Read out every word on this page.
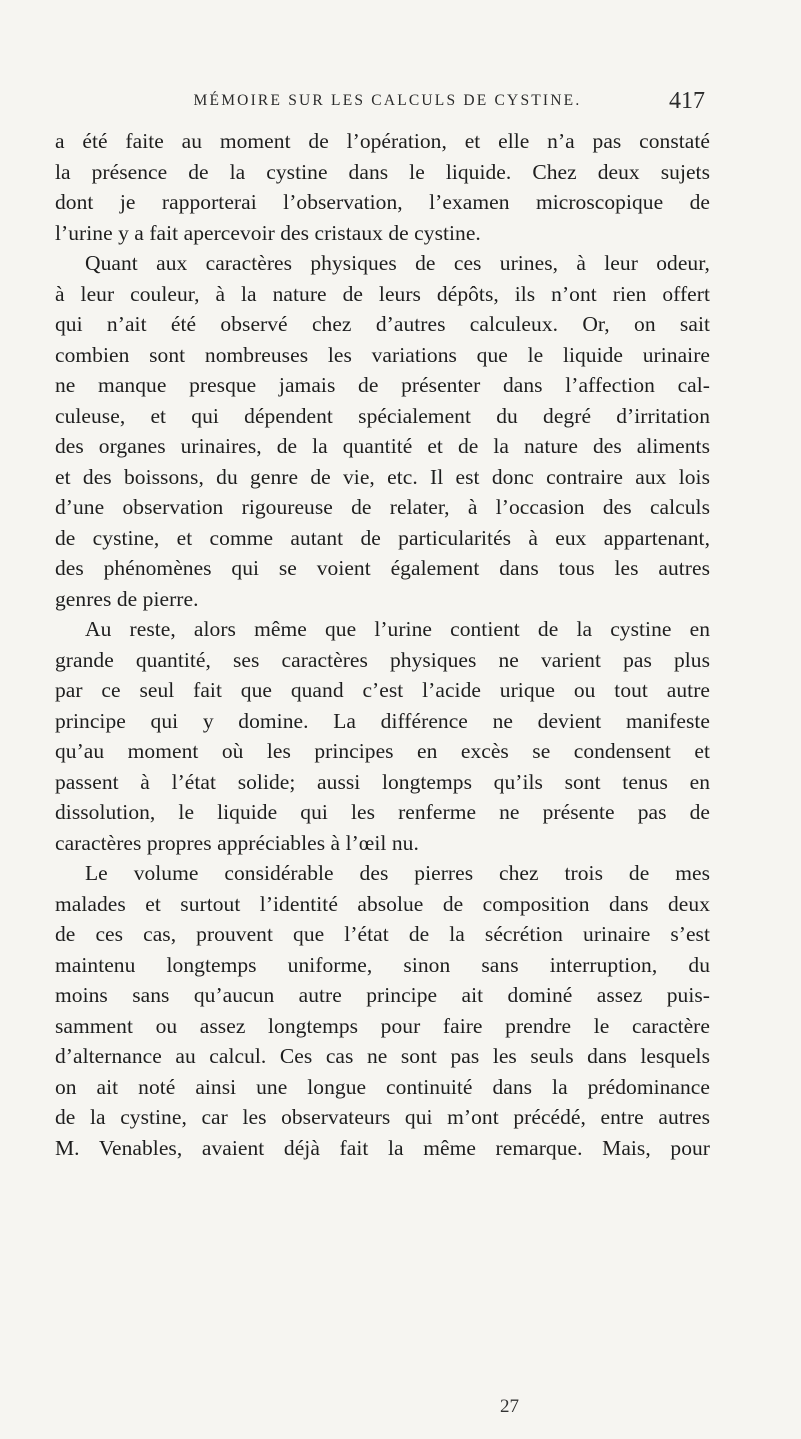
MÉMOIRE SUR LES CALCULS DE CYSTINE.	417
a été faite au moment de l’opération, et elle n’a pas constaté
la présence de la cystine dans le liquide. Chez deux sujets
dont je rapporterai l’observation, l’examen microscopique de
l’urine y a fait apercevoir des cristaux de cystine.
Quant aux caractères physiques de ces urines, à leur odeur,
à leur couleur, à la nature de leurs dépôts, ils n’ont rien offert
qui n’ait été observé chez d’autres calculeux. Or, on sait
combien sont nombreuses les variations que le liquide urinaire
ne manque presque jamais de présenter dans l’affection cal-
culeuse, et qui dépendent spécialement du degré d’irritation
des organes urinaires, de la quantité et de la nature des aliments
et des boissons, du genre de vie, etc. Il est donc contraire aux lois
d’une observation rigoureuse de relater, à l’occasion des calculs
de cystine, et comme autant de particularités à eux appartenant,
des phénomènes qui se voient également dans tous les autres
genres de pierre.
Au reste, alors même que l’urine contient de la cystine en
grande quantité, ses caractères physiques ne varient pas plus
par ce seul fait que quand c’est l’acide urique ou tout autre
principe qui y domine. La différence ne devient manifeste
qu’au moment où les principes en excès se condensent et
passent à l’état solide; aussi longtemps qu’ils sont tenus en
dissolution, le liquide qui les renferme ne présente pas de
caractères propres appréciables à l’œil nu.
Le volume considérable des pierres chez trois de mes
malades et surtout l’identité absolue de composition dans deux
de ces cas, prouvent que l’état de la sécrétion urinaire s’est
maintenu longtemps uniforme, sinon sans interruption, du
moins sans qu’aucun autre principe ait dominé assez puis-
samment ou assez longtemps pour faire prendre le caractère
d’alternance au calcul. Ces cas ne sont pas les seuls dans lesquels
on ait noté ainsi une longue continuité dans la prédominance
de la cystine, car les observateurs qui m’ont précédé, entre autres
M. Venables, avaient déjà fait la même remarque. Mais, pour
27
